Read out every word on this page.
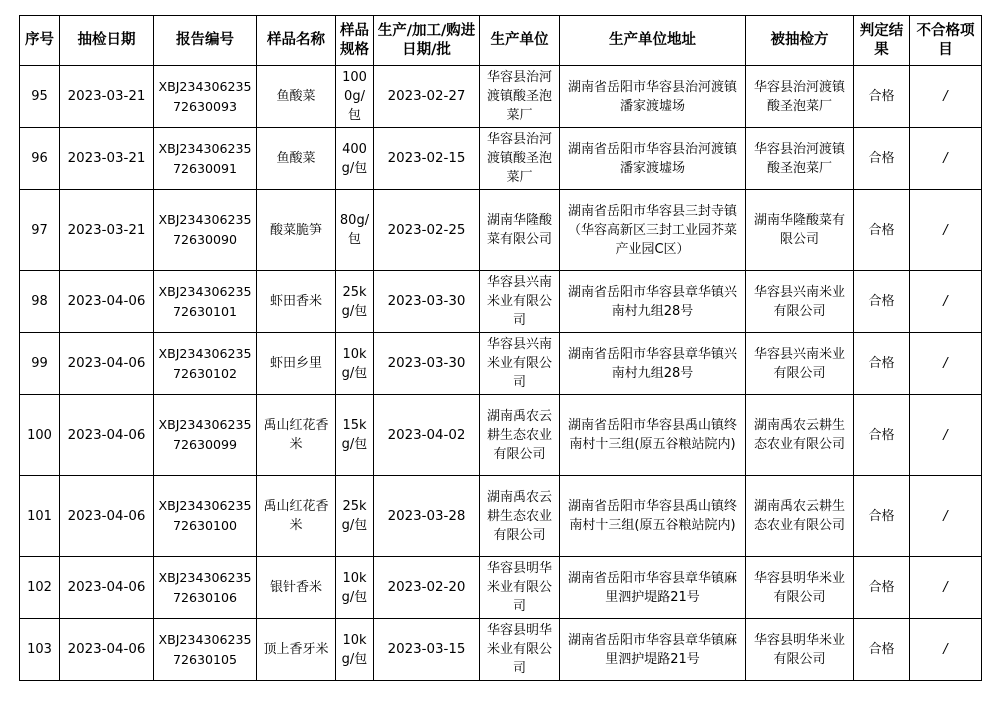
序号	抽检日期	报告编号	样品名称	样品规格	生产/加工/购进日期/批	生产单位	生产单位地址	被抽检方	判定结果	不合格项目
95	2023-03-21	XBJ23430623572630093	鱼酸菜	1000g/包	2023-02-27	华容县治河渡镇酸圣泡菜厂	湖南省岳阳市华容县治河渡镇潘家渡墟场	华容县治河渡镇酸圣泡菜厂	合格	/
96	2023-03-21	XBJ23430623572630091	鱼酸菜	400g/包	2023-02-15	华容县治河渡镇酸圣泡菜厂	湖南省岳阳市华容县治河渡镇潘家渡墟场	华容县治河渡镇酸圣泡菜厂	合格	/
97	2023-03-21	XBJ23430623572630090	酸菜脆笋	80g/包	2023-02-25	湖南华隆酸菜有限公司	湖南省岳阳市华容县三封寺镇（华容高新区三封工业园芥菜产业园C区）	湖南华隆酸菜有限公司	合格	/
98	2023-04-06	XBJ23430623572630101	虾田香米	25kg/包	2023-03-30	华容县兴南米业有限公司	湖南省岳阳市华容县章华镇兴南村九组28号	华容县兴南米业有限公司	合格	/
99	2023-04-06	XBJ23430623572630102	虾田乡里	10kg/包	2023-03-30	华容县兴南米业有限公司	湖南省岳阳市华容县章华镇兴南村九组28号	华容县兴南米业有限公司	合格	/
100	2023-04-06	XBJ23430623572630099	禹山红花香米	15kg/包	2023-04-02	湖南禹农云耕生态农业有限公司	湖南省岳阳市华容县禹山镇终南村十三组(原五谷粮站院内)	湖南禹农云耕生态农业有限公司	合格	/
101	2023-04-06	XBJ23430623572630100	禹山红花香米	25kg/包	2023-03-28	湖南禹农云耕生态农业有限公司	湖南省岳阳市华容县禹山镇终南村十三组(原五谷粮站院内)	湖南禹农云耕生态农业有限公司	合格	/
102	2023-04-06	XBJ23430623572630106	银针香米	10kg/包	2023-02-20	华容县明华米业有限公司	湖南省岳阳市华容县章华镇麻里泗护堤路21号	华容县明华米业有限公司	合格	/
103	2023-04-06	XBJ23430623572630105	顶上香牙米	10kg/包	2023-03-15	华容县明华米业有限公司	湖南省岳阳市华容县章华镇麻里泗护堤路21号	华容县明华米业有限公司	合格	/
